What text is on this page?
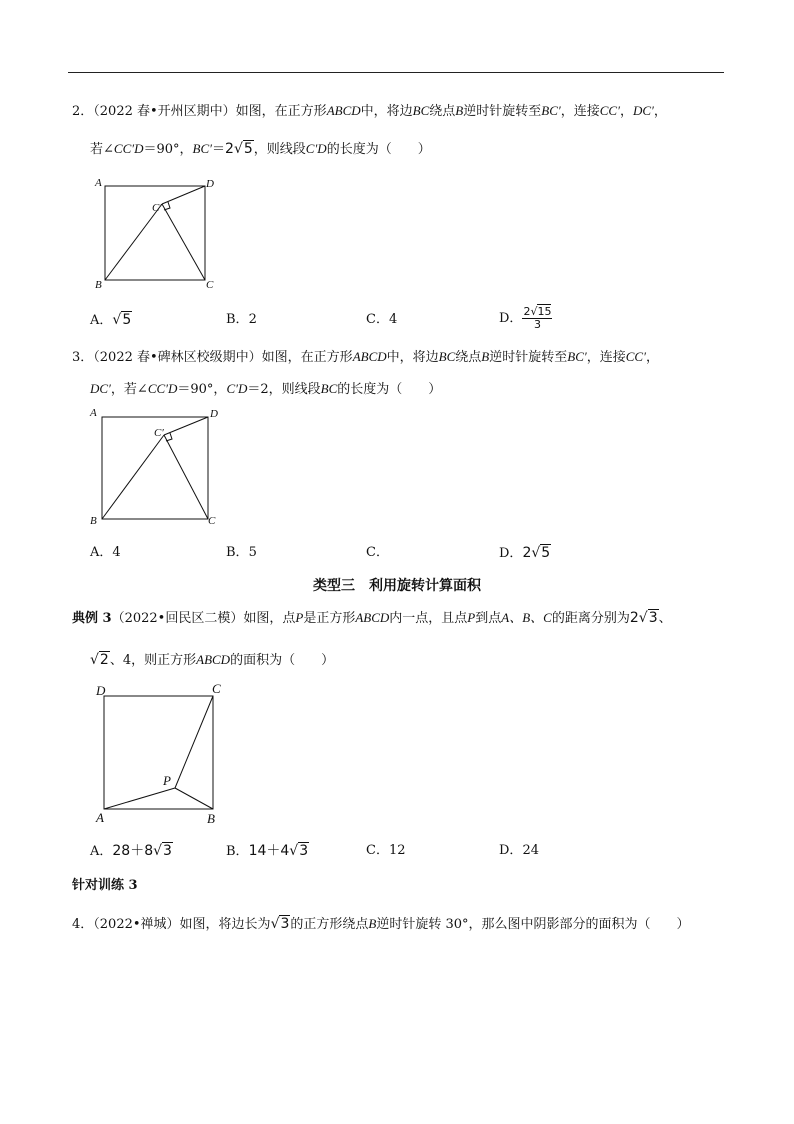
2．（2022 春•开州区期中）如图，在正方形ABCD中，将边BC绕点B逆时针旋转至BC′，连接CC′，DC′，
若∠CC′D＝90°，BC′＝2√5，则线段C′D的长度为（　　）
A	D
B	C
C′
A．√5	B．2	C．4	D． $\frac{2√15}{3}$
3．（2022 春•碑林区校级期中）如图，在正方形ABCD中，将边BC绕点B逆时针旋转至BC′，连接CC′，
DC′，若∠CC′D＝90°，C′D＝2，则线段BC的长度为（　　）
A	D
B	C
C′
A．4	B．5	C．	D．2√5
类型三　利用旋转计算面积
典例 3（2022•回民区二模）如图，点P是正方形ABCD内一点，且点P到点A、B、C的距离分别为2√3、
√2、4，则正方形ABCD的面积为（　　）
D	C
P
A	B
A．28＋8√3	B．14＋4√3	C．12	D．24
针对训练 3
4．（2022•禅城）如图，将边长为√3的正方形绕点B逆时针旋转 30°，那么图中阴影部分的面积为（　　）
